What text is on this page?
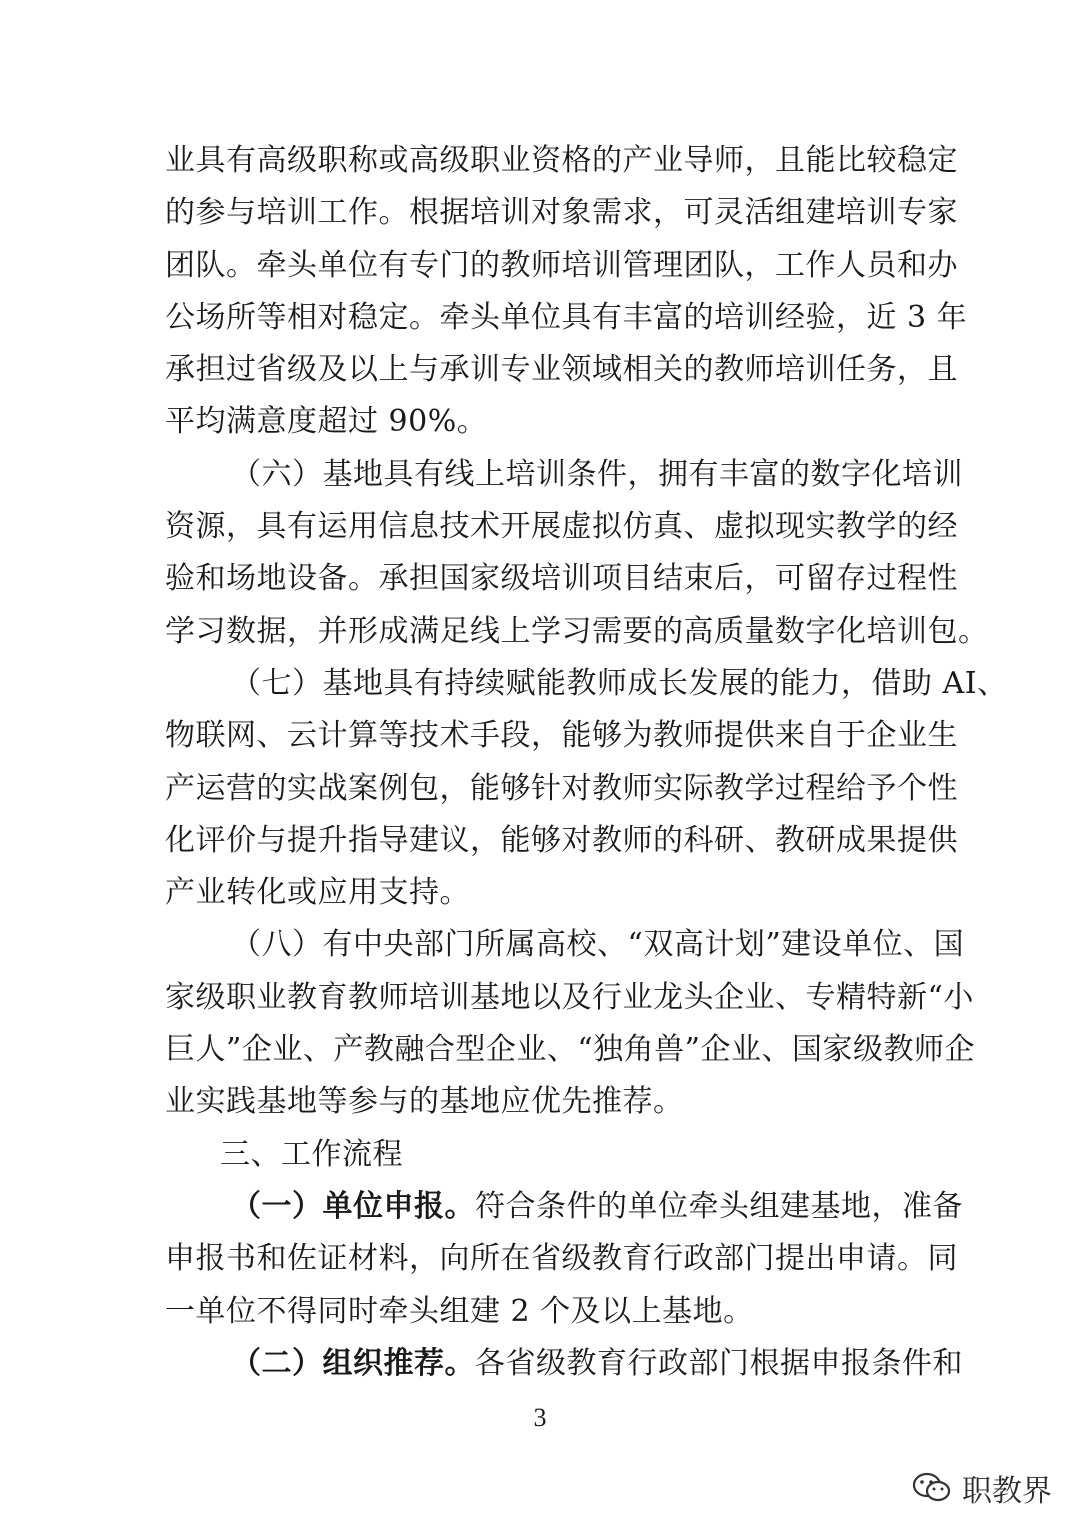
业具有高级职称或高级职业资格的产业导师，且能比较稳定
的参与培训工作。根据培训对象需求，可灵活组建培训专家
团队。牵头单位有专门的教师培训管理团队，工作人员和办
公场所等相对稳定。牵头单位具有丰富的培训经验，近 3 年
承担过省级及以上与承训专业领域相关的教师培训任务，且
平均满意度超过 90%。
（六）基地具有线上培训条件，拥有丰富的数字化培训
资源，具有运用信息技术开展虚拟仿真、虚拟现实教学的经
验和场地设备。承担国家级培训项目结束后，可留存过程性
学习数据，并形成满足线上学习需要的高质量数字化培训包。
（七）基地具有持续赋能教师成长发展的能力，借助 AI、
物联网、云计算等技术手段，能够为教师提供来自于企业生
产运营的实战案例包，能够针对教师实际教学过程给予个性
化评价与提升指导建议，能够对教师的科研、教研成果提供
产业转化或应用支持。
（八）有中央部门所属高校、“双高计划”建设单位、国
家级职业教育教师培训基地以及行业龙头企业、专精特新“小
巨人”企业、产教融合型企业、“独角兽”企业、国家级教师企
业实践基地等参与的基地应优先推荐。
三、工作流程
（一）单位申报。符合条件的单位牵头组建基地，准备
申报书和佐证材料，向所在省级教育行政部门提出申请。同
一单位不得同时牵头组建 2 个及以上基地。
（二）组织推荐。各省级教育行政部门根据申报条件和
3
职教界
